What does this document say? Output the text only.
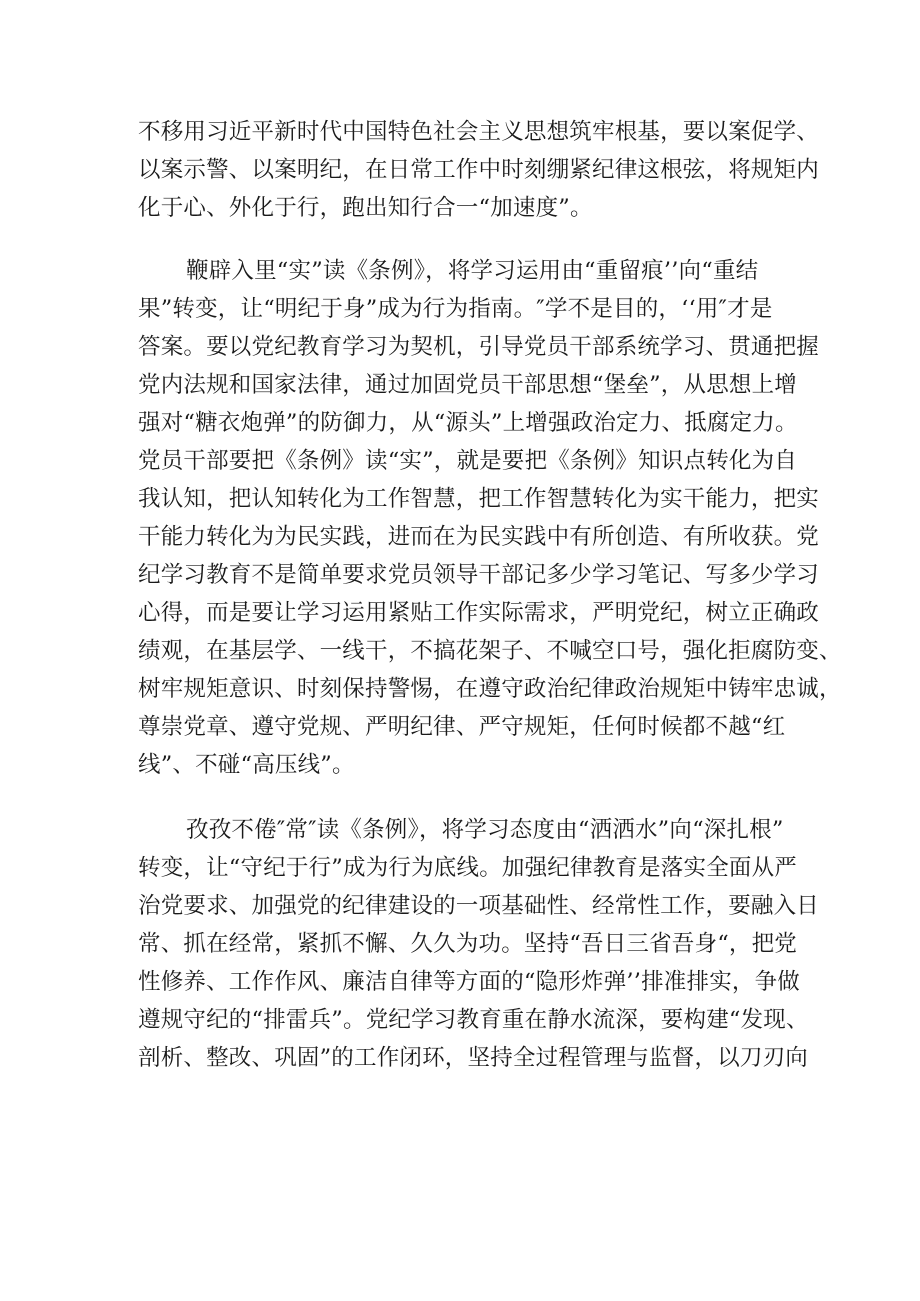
不移用习近平新时代中国特色社会主义思想筑牢根基，要以案促学、
以案示警、以案明纪，在日常工作中时刻绷紧纪律这根弦，将规矩内
化于心、外化于行，跑出知行合一“加速度”。
鞭辟入里“实”读《条例》，将学习运用由“重留痕’’向“重结
果”转变，让“明纪于身”成为行为指南。″学不是目的，‘‘用″才是
答案。要以党纪教育学习为契机，引导党员干部系统学习、贯通把握
党内法规和国家法律，通过加固党员干部思想“堡垒”，从思想上增
强对“糖衣炮弹”的防御力，从“源头”上增强政治定力、抵腐定力。
党员干部要把《条例》读“实”，就是要把《条例》知识点转化为自
我认知，把认知转化为工作智慧，把工作智慧转化为实干能力，把实
干能力转化为为民实践，进而在为民实践中有所创造、有所收获。党
纪学习教育不是简单要求党员领导干部记多少学习笔记、写多少学习
心得，而是要让学习运用紧贴工作实际需求，严明党纪，树立正确政
绩观，在基层学、一线干，不搞花架子、不喊空口号，强化拒腐防变、
树牢规矩意识、时刻保持警惕，在遵守政治纪律政治规矩中铸牢忠诚，
尊崇党章、遵守党规、严明纪律、严守规矩，任何时候都不越“红
线”、不碰“高压线”。
孜孜不倦″常″读《条例》，将学习态度由“洒洒水”向“深扎根”
转变，让“守纪于行”成为行为底线。加强纪律教育是落实全面从严
治党要求、加强党的纪律建设的一项基础性、经常性工作，要融入日
常、抓在经常，紧抓不懈、久久为功。坚持“吾日三省吾身“，把党
性修养、工作作风、廉洁自律等方面的“隐形炸弹’’排准排实，争做
遵规守纪的“排雷兵”。党纪学习教育重在静水流深，要构建“发现、
剖析、整改、巩固”的工作闭环，坚持全过程管理与监督，以刀刃向
